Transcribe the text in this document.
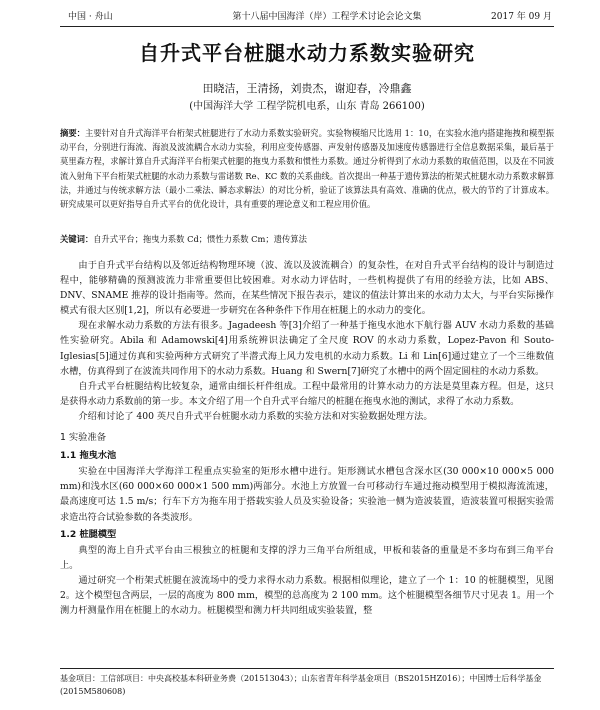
中国 · 舟山	第十八届中国海洋（岸）工程学术讨论会论文集	2017 年 09 月
自升式平台桩腿水动力系数实验研究
田晓洁，王清扬，刘贵杰，谢迎春，冷鼎鑫
(中国海洋大学 工程学院机电系，山东 青岛 266100)
摘要：主要针对自升式海洋平台桁架式桩腿进行了水动力系数实验研究。实验物模缩尺比选用 1：10，在实验水池内搭建拖拽和模型振动平台，分别进行海流、海浪及波流耦合水动力实验，利用应变传感器、声发射传感器及加速度传感器进行全信息数据采集，最后基于莫里森方程，求解计算自升式海洋平台桁架式桩腿的拖曳力系数和惯性力系数。通过分析得到了水动力系数的取值范围，以及在不同波流入射角下平台桁架式桩腿的水动力系数与雷诺数 Re、KC 数的关系曲线。首次提出一种基于遗传算法的桁架式桩腿水动力系数求解算法，并通过与传统求解方法（最小二乘法、瞬态求解法）的对比分析，验证了该算法具有高效、准确的优点，极大的节约了计算成本。研究成果可以更好指导自升式平台的优化设计，具有重要的理论意义和工程应用价值。
关键词：自升式平台；拖曳力系数 Cd；惯性力系数 Cm；遗传算法

由于自升式平台结构以及邻近结构物理环境（波、流以及波流耦合）的复杂性，在对自升式平台结构的设计与制造过程中，能够精确的预测波流力非常重要但比较困难。对水动力评估时，一些机构提供了有用的经验方法，比如 ABS、DNV、SNAME 推荐的设计指南等。然而，在某些情况下报告表示，建议的值法计算出来的水动力太大，与平台实际操作模式有很大区别[1,2]，所以有必要进一步研究在各种条件下作用在桩腿上的水动力的变化。

现在求解水动力系数的方法有很多。Jagadeesh 等[3]介绍了一种基于拖曳水池水下航行器 AUV 水动力系数的基础性实验研究。Abila 和 Adamowski[4]用系统辨识法确定了全尺度 ROV 的水动力系数，Lopez-Pavon 和 Souto-Iglesias[5]通过仿真和实验两种方式研究了半潜式海上风力发电机的水动力系数。Li 和 Lin[6]通过建立了一个三维数值水槽，仿真得到了在波流共同作用下的水动力系数。Huang 和 Swern[7]研究了水槽中的两个固定圆柱的水动力系数。

自升式平台桩腿结构比较复杂，通常由细长杆件组成。工程中最常用的计算水动力的方法是莫里森方程。但是，这只是获得水动力系数前的第一步。本文介绍了用一个自升式平台缩尺的桩腿在拖曳水池的测试，求得了水动力系数。

介绍和讨论了 400 英尺自升式平台桩腿水动力系数的实验方法和对实验数据处理方法。

1 实验准备
1.1 拖曳水池

实验在中国海洋大学海洋工程重点实验室的矩形水槽中进行。矩形测试水槽包含深水区(30 000×10 000×5 000 mm)和浅水区(60 000×60 000×1 500 mm)两部分。水池上方放置一台可移动行车通过拖动模型用于模拟海流流速，最高速度可达 1.5 m/s；行车下方为拖车用于搭载实验人员及实验设备；实验池一侧为造波装置，造波装置可根据实验需求造出符合试验参数的各类波形。

1.2 桩腿模型

典型的海上自升式平台由三根独立的桩腿和支撑的浮力三角平台所组成，甲板和装备的重量是不多均布到三角平台上。

通过研究一个桁架式桩腿在波流场中的受力求得水动力系数。根据相似理论，建立了一个 1：10 的桩腿模型，见图 2。这个模型包含两层，一层的高度为 800 mm，模型的总高度为 2 100 mm。这个桩腿模型各细节尺寸见表 1。用一个测力杆测量作用在桩腿上的水动力。桩腿模型和测力杆共同组成实验装置，整

基金项目：工信部项目：中央高校基本科研业务费（201513043）；山东省青年科学基金项目（BS2015HZ016）；中国博士后科学基金(2015M580608)
